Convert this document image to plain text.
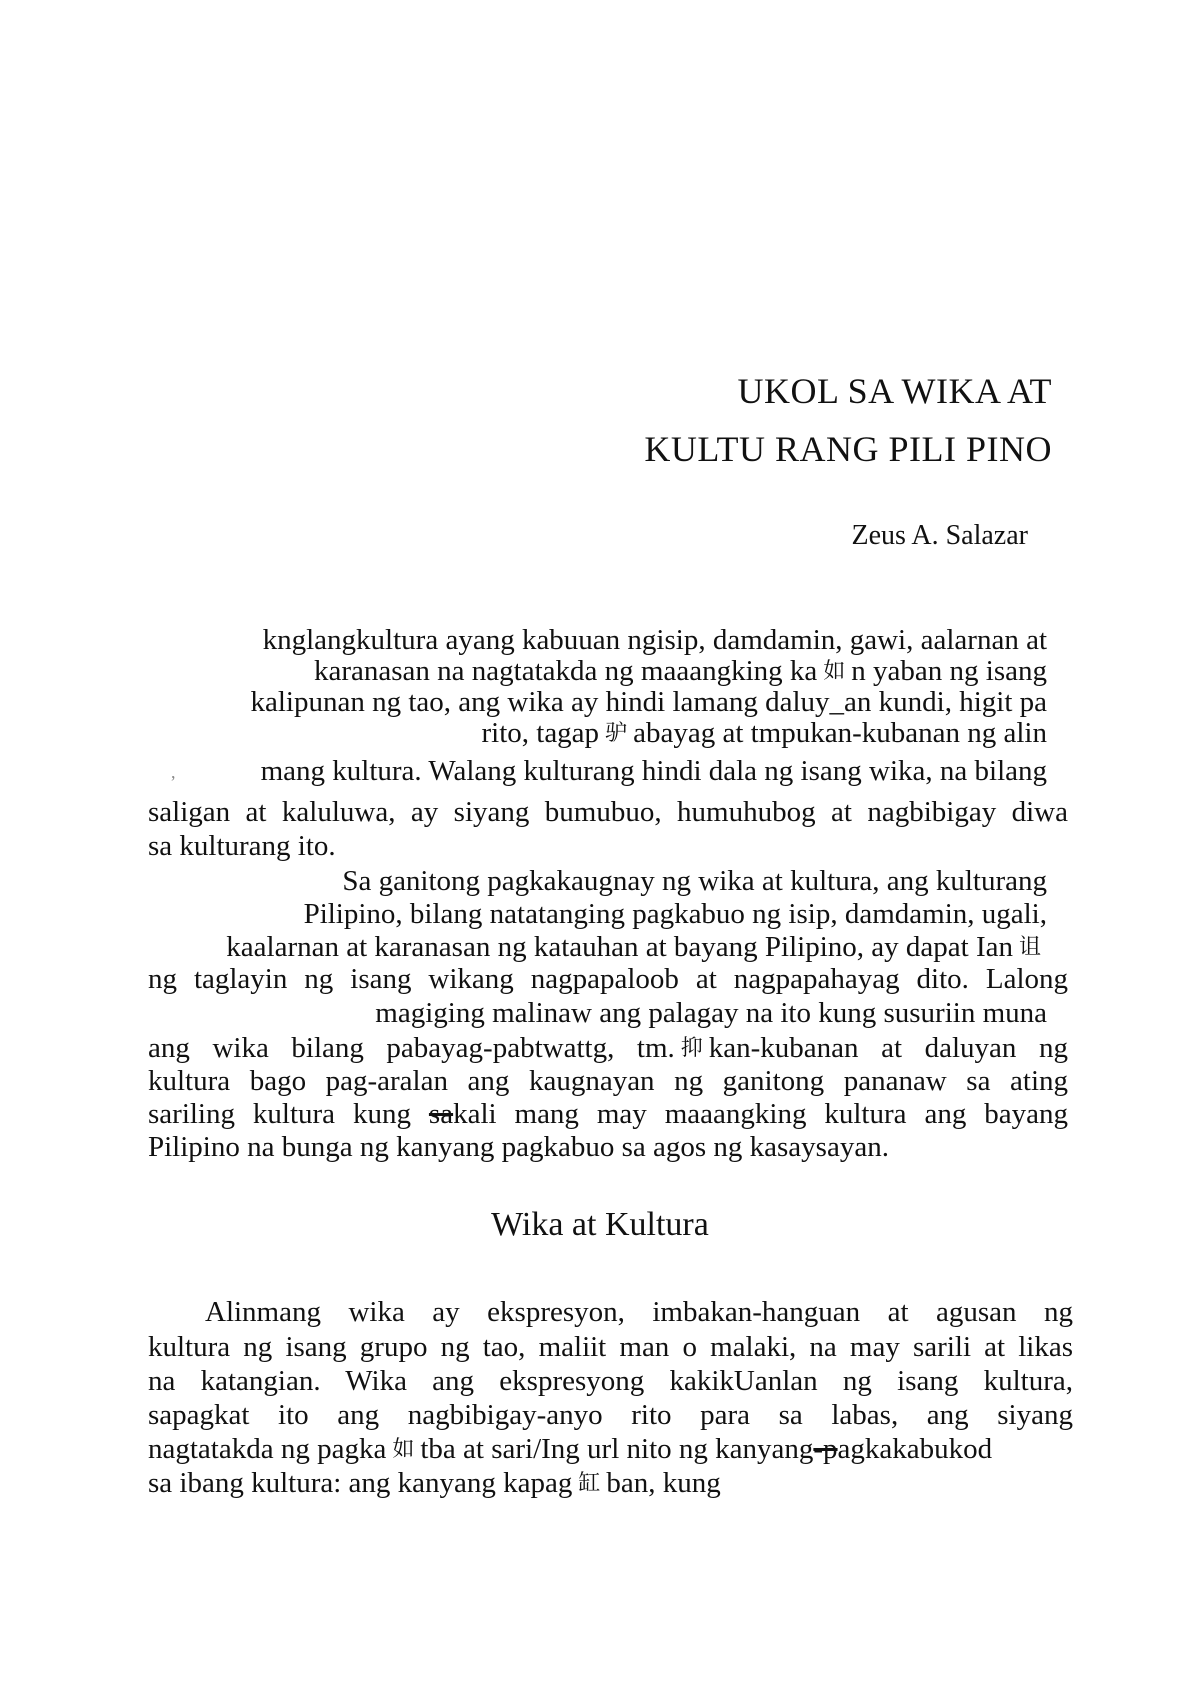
UKOL SA WIKA AT
KULTU RANG PILI PINO
Zeus A. Salazar
knglangkultura ayang kabuuan ngisip, damdamin, gawi, aalarnan at
karanasan na nagtatakda ng maaangking ka 如 n yaban ng isang
kalipunan ng tao, ang wika ay hindi lamang daluy_an kundi, higit pa
rito, tagap 驴 abayag at tmpukan-kubanan ng alin
,	mang kultura. Walang kulturang hindi dala ng isang wika, na bilang
saligan at kaluluwa, ay siyang bumubuo, humuhubog at nagbibigay diwa
sa kulturang ito.
Sa ganitong pagkakaugnay ng wika at kultura, ang kulturang
Pilipino, bilang natatanging pagkabuo ng isip, damdamin, ugali,
kaalarnan at karanasan ng katauhan at bayang Pilipino, ay dapat Ian 诅
ng taglayin ng isang wikang nagpapaloob at nagpapahayag dito. Lalong
magiging malinaw ang palagay na ito kung susuriin muna
ang wika bilang pabayag-pabtwattg, tm. 抑 kan-kubanan at daluyan ng
kultura bago pag-aralan ang kaugnayan ng ganitong pananaw sa ating
sariling kultura kung sakali mang may maaangking kultura ang bayang
Pilipino na bunga ng kanyang pagkabuo sa agos ng kasaysayan.
Wika at Kultura
Alinmang wika ay ekspresyon, imbakan-hanguan at agusan ng
kultura ng isang grupo ng tao, maliit man o malaki, na may sarili at likas
na katangian. Wika ang ekspresyong kakikUanlan ng isang kultura,
sapagkat ito ang nagbibigay-anyo rito para sa labas, ang siyang
nagtatakda ng pagka 如 tba at sari/Ing url nito ng kanyang-pagkakabukod
sa ibang kultura: ang kanyang kapag 缸 ban, kung
